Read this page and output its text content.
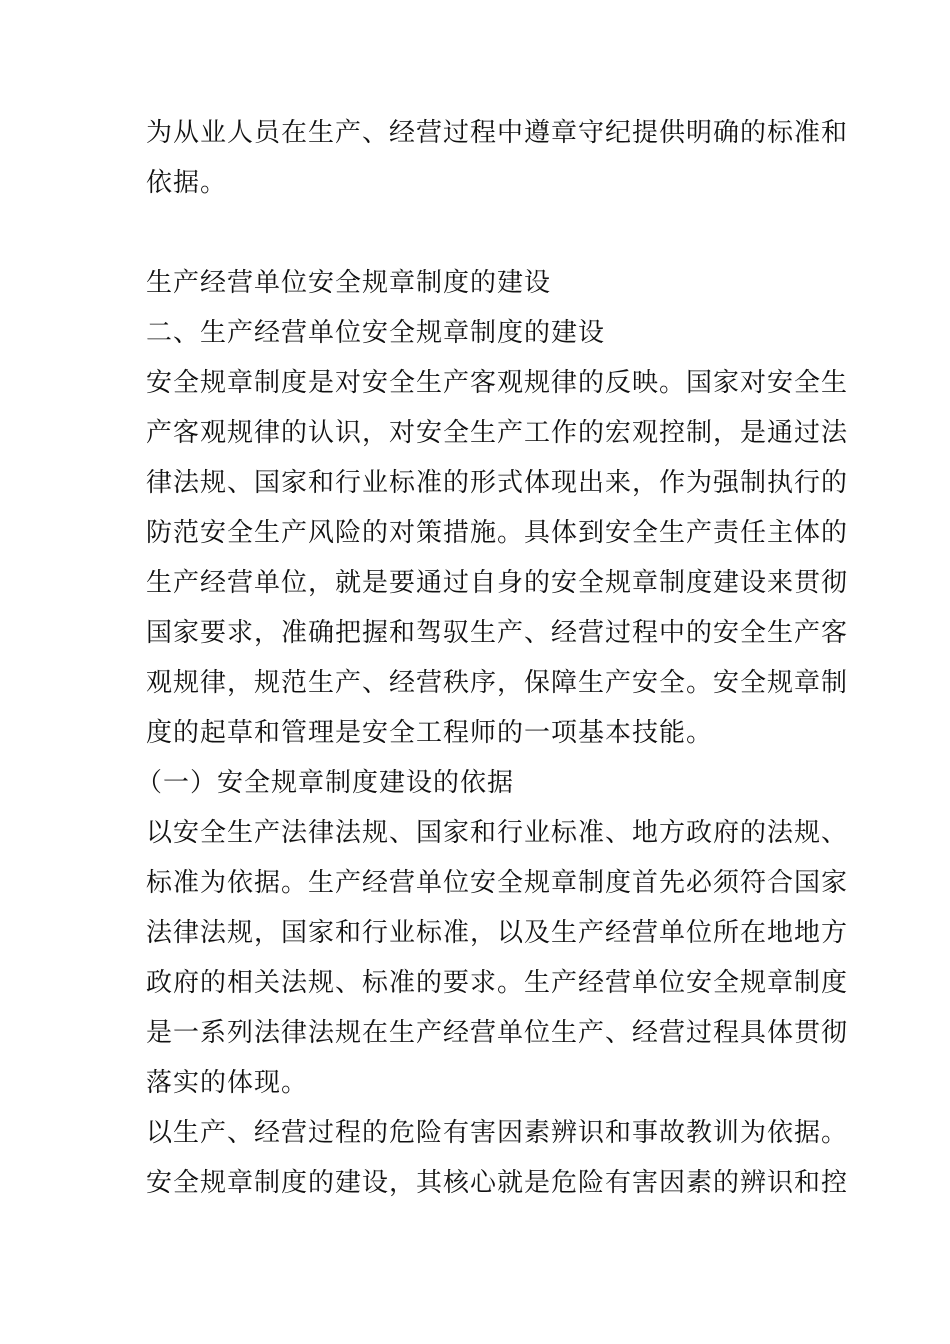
为从业人员在生产、经营过程中遵章守纪提供明确的标准和
依据。
生产经营单位安全规章制度的建设
二、生产经营单位安全规章制度的建设
安全规章制度是对安全生产客观规律的反映。国家对安全生
产客观规律的认识，对安全生产工作的宏观控制，是通过法
律法规、国家和行业标准的形式体现出来，作为强制执行的
防范安全生产风险的对策措施。具体到安全生产责任主体的
生产经营单位，就是要通过自身的安全规章制度建设来贯彻
国家要求，准确把握和驾驭生产、经营过程中的安全生产客
观规律，规范生产、经营秩序，保障生产安全。安全规章制
度的起草和管理是安全工程师的一项基本技能。
（一）安全规章制度建设的依据
以安全生产法律法规、国家和行业标准、地方政府的法规、
标准为依据。生产经营单位安全规章制度首先必须符合国家
法律法规，国家和行业标准，以及生产经营单位所在地地方
政府的相关法规、标准的要求。生产经营单位安全规章制度
是一系列法律法规在生产经营单位生产、经营过程具体贯彻
落实的体现。
以生产、经营过程的危险有害因素辨识和事故教训为依据。
安全规章制度的建设，其核心就是危险有害因素的辨识和控
